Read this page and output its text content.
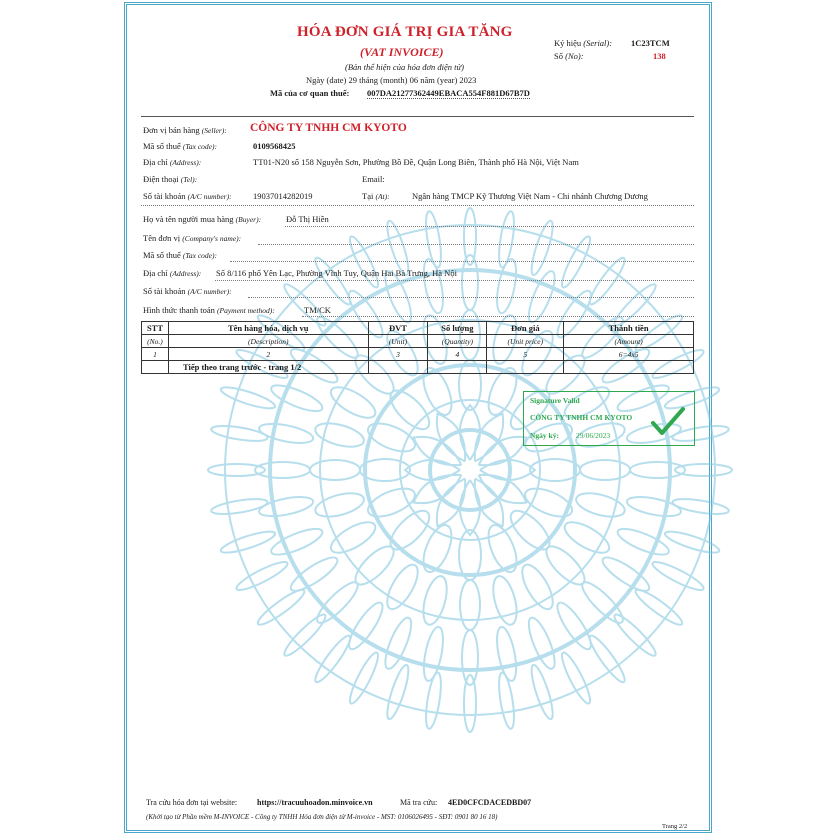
HÓA ĐƠN GIÁ TRỊ GIA TĂNG
(VAT INVOICE)
(Bản thể hiện của hóa đơn điện tử)
Ngày (date) 29 tháng (month) 06 năm (year) 2023
Mã của cơ quan thuế: 007DA21277362449EBACA554F881D67B7D
Ký hiệu (Serial): 1C23TCM
Số (No):	138
Đơn vị bán hàng (Seller): CÔNG TY TNHH CM KYOTO
Mã số thuế (Tax code):	0109568425
Địa chỉ (Address):	TT01-N20 số 158 Nguyễn Sơn, Phường Bồ Đề, Quận Long Biên, Thành phố Hà Nội, Việt Nam
Điện thoại (Tel):	Email:
Số tài khoản (A/C number):	19037014282019	Tại (At):	Ngân hàng TMCP Kỹ Thương Việt Nam - Chi nhánh Chương Dương
Họ và tên người mua hàng (Buyer):	Đỗ Thị Hiền
Tên đơn vị (Company's name):
Mã số thuế (Tax code):
Địa chỉ (Address): Số 8/116 phố Yên Lạc, Phường Vĩnh Tuy, Quận Hai Bà Trưng, Hà Nội
Số tài khoản (A/C number):
Hình thức thanh toán (Payment method):	TM/CK
STT	Tên hàng hóa, dịch vụ	ĐVT	Số lượng	Đơn giá	Thành tiền
(No.)	(Description)	(Unit)	(Quantity)	(Unit price)	(Amount)
1	2	3	4	5	6=4x5
	Tiếp theo trang trước - trang 1/2				
Signature Valid
CÔNG TY TNHH CM KYOTO
Ngày ký: 29/06/2023
Tra cứu hóa đơn tại website: https://tracuuhoadon.minvoice.vn	Mã tra cứu: 4ED0CFCDACEDBD07
(Khởi tạo từ Phần mềm M-INVOICE - Công ty TNHH Hóa đơn điện tử M-invoice - MST: 0106026495 - SĐT: 0901 80 16 18)
Trang 2/2
